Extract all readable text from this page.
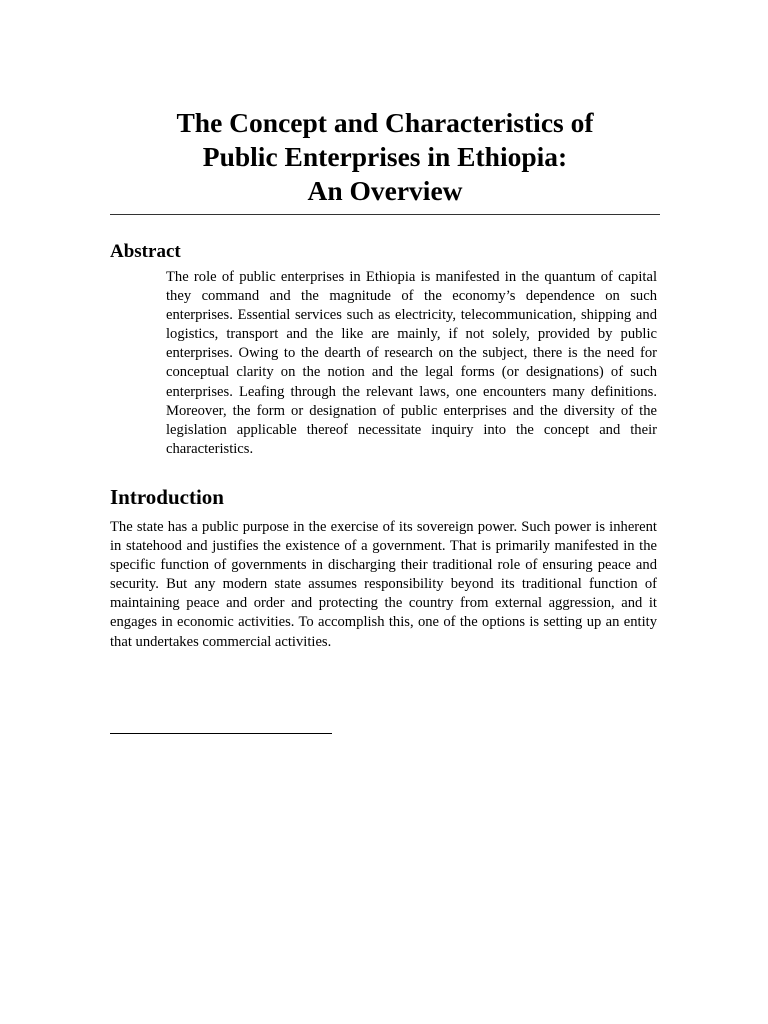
The Concept and Characteristics of
Public Enterprises in Ethiopia:
An Overview
Abstract

The role of public enterprises in Ethiopia is manifested in the quantum of capital they command and the magnitude of the economy’s dependence on such enterprises. Essential services such as electricity, telecommunication, shipping and logistics, transport and the like are mainly, if not solely, provided by public enterprises. Owing to the dearth of research on the subject, there is the need for conceptual clarity on the notion and the legal forms (or designations) of such enterprises. Leafing through the relevant laws, one encounters many definitions. Moreover, the form or designation of public enterprises and the diversity of the legislation applicable thereof necessitate inquiry into the concept and their characteristics.

Introduction

The state has a public purpose in the exercise of its sovereign power. Such power is inherent in statehood and justifies the existence of a government. That is primarily manifested in the specific function of governments in discharging their traditional role of ensuring peace and security. But any modern state assumes responsibility beyond its traditional function of maintaining peace and order and protecting the country from external aggression, and it engages in economic activities. To accomplish this, one of the options is setting up an entity that undertakes commercial activities.
